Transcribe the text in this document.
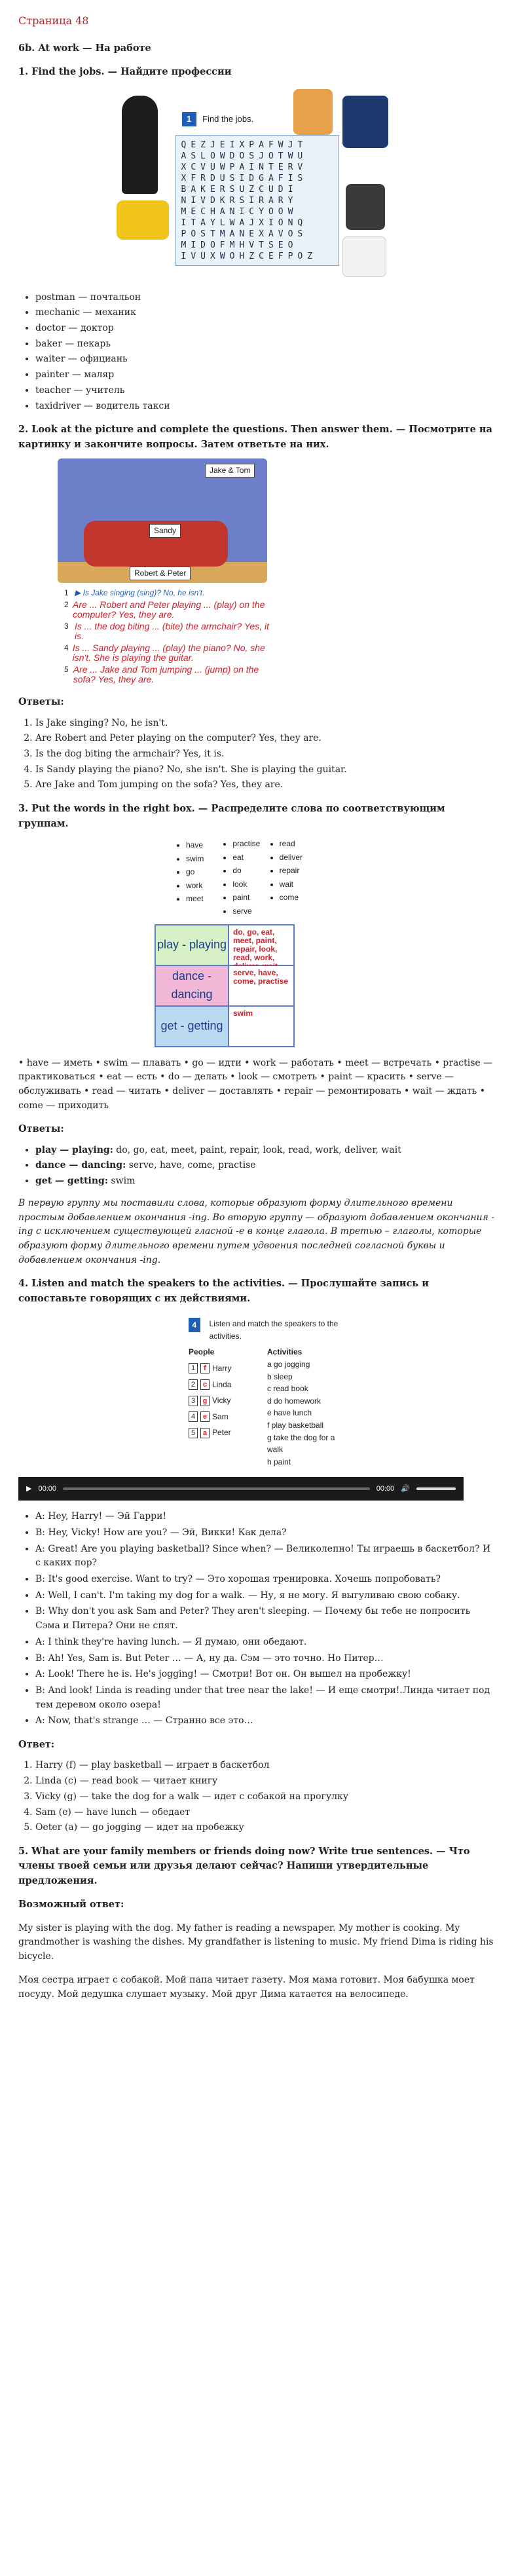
Страница 48
6b. At work — На работе
1. Find the jobs. — Найдите профессии
1 Find the jobs.
QEZJEIXPAFWJT
ASLOWDOSJOTWU
XCVUWPAINTERV
XFRDUSIDGAFIS
BAKERSUZCUDI
NIVDKRSIRARY
MECHANICYOOW
ITAYLWAJXIONQ
POSTMANEXAVOS
MIDOFMHVTSEO
IVUXWOHZCEFPOZ
• postman — почтальон
• mechanic — механик
• doctor — доктор
• baker — пекарь
• waiter — официань
• painter — маляр
• teacher — учитель
• taxidriver — водитель такси
2. Look at the picture and complete the questions. Then answer them. — Посмотрите на картинку и закончите вопросы. Затем ответьте на них.
Jake & Tom
Sandy
Robert & Peter
1 ▶ Is Jake singing (sing)? No, he isn't.
2 Are ... Robert and Peter playing ... (play) on the computer? Yes, they are.
3 Is ... the dog biting ... (bite) the armchair? Yes, it is.
4 Is ... Sandy playing ... (play) the piano? No, she isn't. She is playing the guitar.
5 Are ... Jake and Tom jumping ... (jump) on the sofa? Yes, they are.
Ответы:
1. Is Jake singing? No, he isn't.
2. Are Robert and Peter playing on the computer? Yes, they are.
3. Is the dog biting the armchair? Yes, it is.
4. Is Sandy playing the piano? No, she isn't. She is playing the guitar.
5. Are Jake and Tom jumping on the sofa? Yes, they are.
3. Put the words in the right box. — Распределите слова по соответствующим группам.
• have
• swim
• go
• work
• meet
• practise
• eat
• do
• look
• paint
• serve
• read
• deliver
• repair
• wait
• come
play - playing
do, go, eat, meet, paint, repair, look, read, work,
dance - dancing
serve, have, come, practise
get - getting
swim
• have — иметь • swim — плавать • go — идти • work — работать • meet — встречать • practise — практиковаться • eat — есть • do — делать • look — смотреть • paint — красить • serve — обслуживать • read — читать • deliver — доставлять • repair — ремонтировать • wait — ждать • come — приходить
Ответы:
• play — playing: do, go, eat, meet, paint, repair, look, read, work, deliver, wait
• dance — dancing: serve, have, come, practise
• get — getting: swim
В первую группу мы поставили слова, которые образуют форму длительного времени простым добавлением окончания -ing. Во вторую группу — образуют добавлением окончания -ing с исключением существующей гласной -е в конце глагола. В третью – глаголы, которые образуют форму длительного времени путем удвоения последней согласной буквы и добавлением окончания -ing.
4. Listen and match the speakers to the activities. — Прослушайте запись и сопоставьте говорящих с их действиями.
4	Listen and match the speakers to the activities.
People
1	f Harry
2	c Linda
3	g Vicky
4	e Sam
5	a Peter
Activities
a go jogging
b sleep
c read book
d do homework
e have lunch
f play basketball
g take the dog for a walk
h paint
▶ 00:00	00:00 🔊
• A: Hey, Harry! — Эй Гарри!
• B: Hey, Vicky! How are you? — Эй, Викки! Как дела?
• A: Great! Are you playing basketball? Since when? — Великолепно! Ты играешь в баскетбол? И с каких пор?
• B: It's good exercise. Want to try? — Это хорошая тренировка. Хочешь попробовать?
• A: Well, I can't. I'm taking my dog for a walk. — Ну, я не могу. Я выгуливаю свою собаку.
• B: Why don't you ask Sam and Peter? They aren't sleeping. — Почему бы тебе не попросить Сэма и Питера? Они не спят.
• A: I think they're having lunch. — Я думаю, они обедают.
• B: Ah! Yes, Sam is. But Peter … — А, ну да. Сэм — это точно. Но Питер…
• A: Look! There he is. He's jogging! — Смотри! Вот он. Он вышел на пробежку!
• B: And look! Linda is reading under that tree near the lake! — И еще смотри!.Линда читает под тем деревом около озера!
• A: Now, that's strange … — Странно все это…
Ответ:
1. Harry (f) — play basketball — играет в баскетбол
2. Linda (c) — read book — читает книгу
3. Vicky (g) — take the dog for a walk — идет с собакой на прогулку
4. Sam (e) — have lunch — обедает
5. Oeter (a) — go jogging — идет на пробежку
5. What are your family members or friends doing now? Write true sentences. — Что члены твоей семьи или друзья делают сейчас? Напиши утвердительные предложения.
Возможный ответ:

My sister is playing with the dog. My father is reading a newspaper. My mother is cooking. My grandmother is washing the dishes. My grandfather is listening to music. My friend Dima is riding his bicycle.

Моя сестра играет с собакой. Мой папа читает газету. Моя мама готовит. Моя бабушка моет посуду. Мой дедушка слушает музыку. Мой друг Дима катается на велосипеде.
